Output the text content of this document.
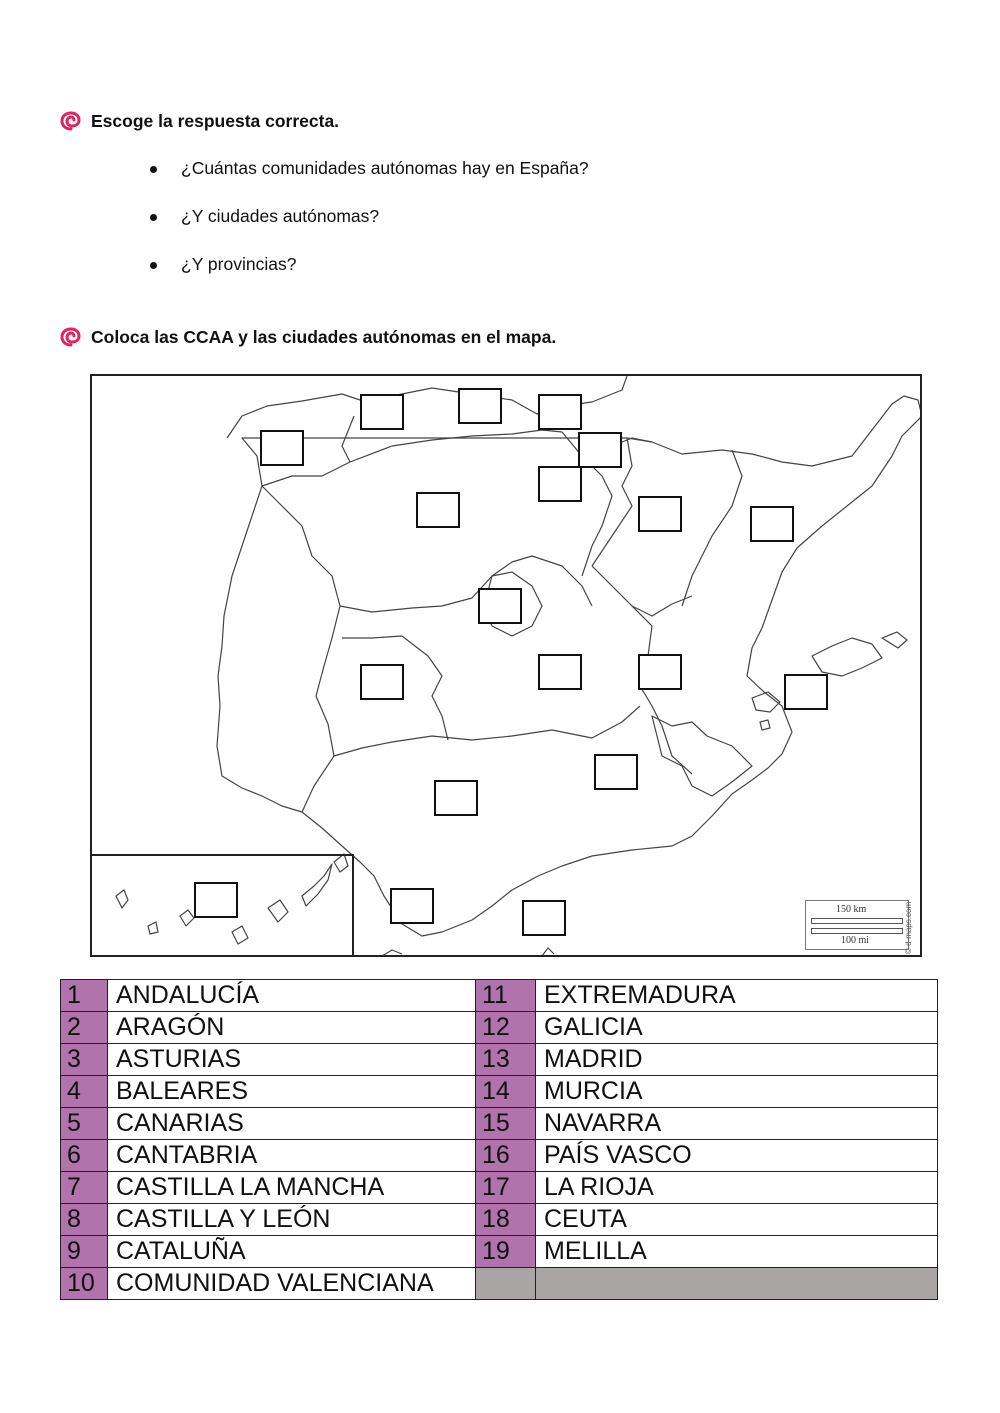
Escoge la respuesta correcta.
¿Cuántas comunidades autónomas hay en España?
¿Y ciudades autónomas?
¿Y provincias?
Coloca las CCAA y las ciudades autónomas en el mapa.
150 km
100 mi	© d-maps.com
1	ANDALUCÍA	11	EXTREMADURA
2	ARAGÓN	12	GALICIA
3	ASTURIAS	13	MADRID
4	BALEARES	14	MURCIA
5	CANARIAS	15	NAVARRA
6	CANTABRIA	16	PAÍS VASCO
7	CASTILLA LA MANCHA	17	LA RIOJA
8	CASTILLA Y LEÓN	18	CEUTA
9	CATALUÑA	19	MELILLA
10	COMUNIDAD VALENCIANA		
